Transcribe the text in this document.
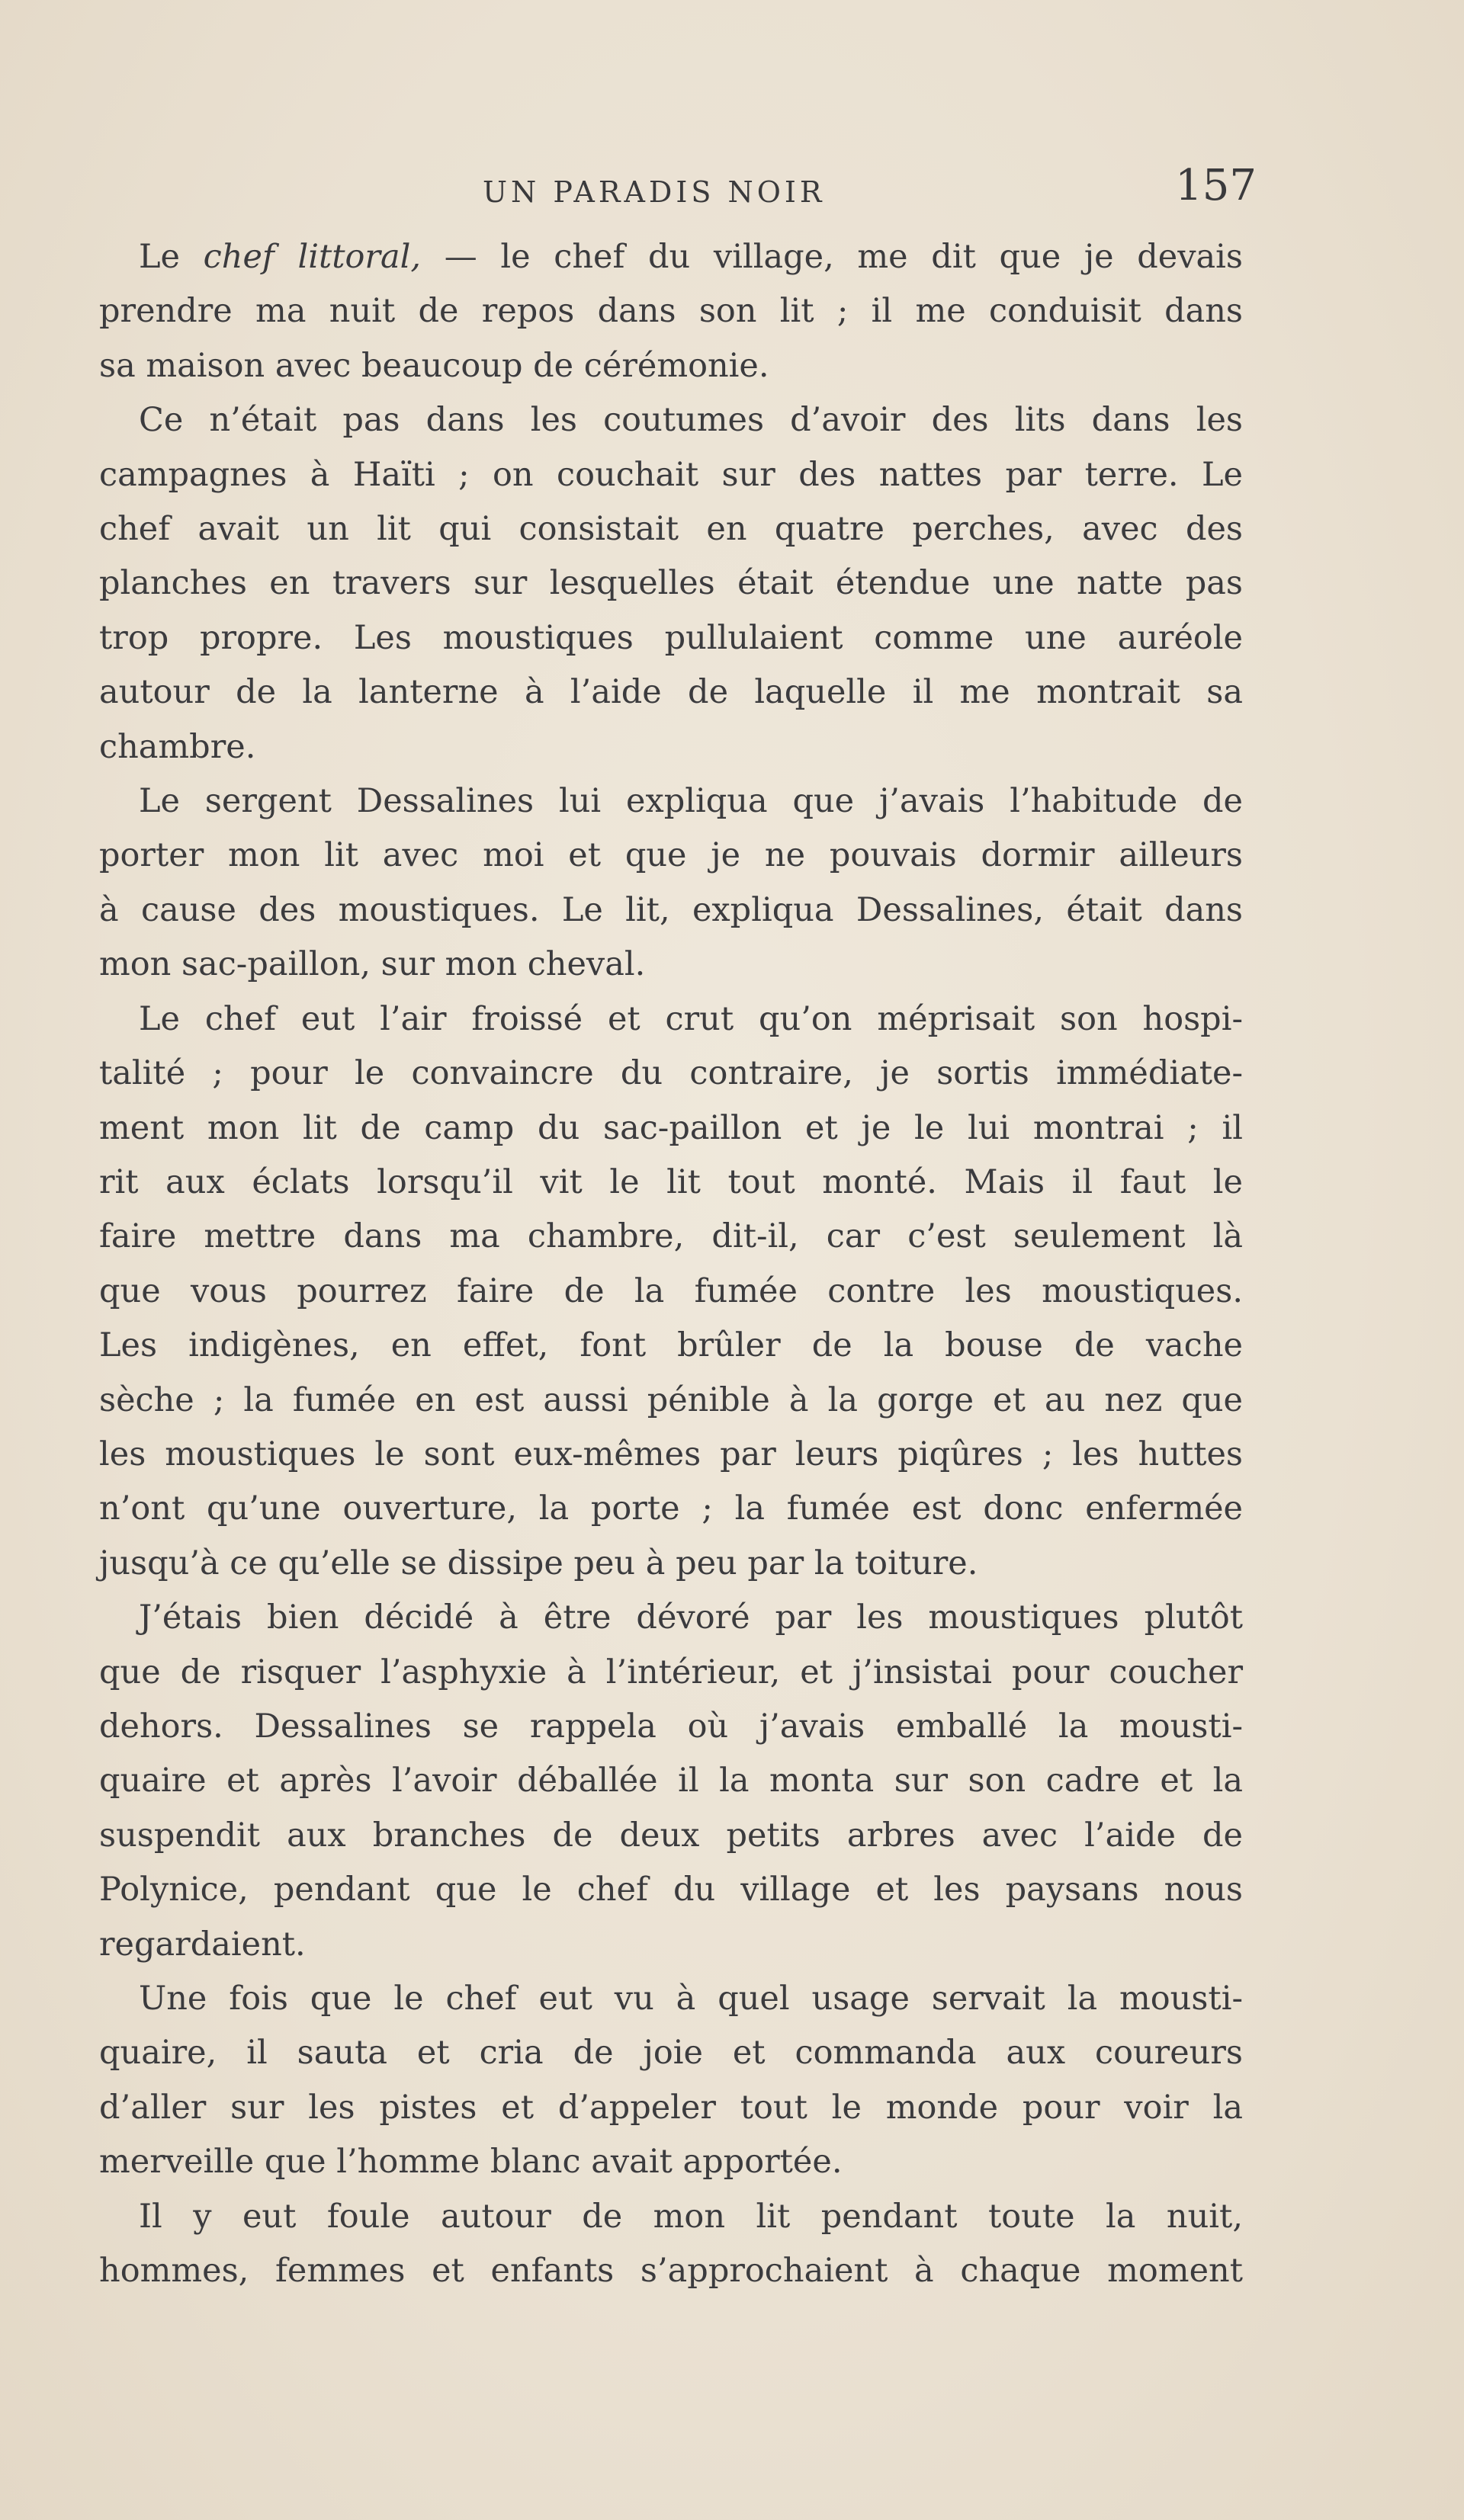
UN PARADIS NOIR	157

Le chef littoral, — le chef du village, me dit que je devais
prendre ma nuit de repos dans son lit ; il me conduisit dans
sa maison avec beaucoup de cérémonie.

Ce n’était pas dans les coutumes d’avoir des lits dans les
campagnes à Haïti ; on couchait sur des nattes par terre. Le
chef avait un lit qui consistait en quatre perches, avec des
planches en travers sur lesquelles était étendue une natte pas
trop propre. Les moustiques pullulaient comme une auréole
autour de la lanterne à l’aide de laquelle il me montrait sa
chambre.

Le sergent Dessalines lui expliqua que j’avais l’habitude de
porter mon lit avec moi et que je ne pouvais dormir ailleurs
à cause des moustiques. Le lit, expliqua Dessalines, était dans
mon sac-paillon, sur mon cheval.

Le chef eut l’air froissé et crut qu’on méprisait son hospi-
talité ; pour le convaincre du contraire, je sortis immédiate-
ment mon lit de camp du sac-paillon et je le lui montrai ; il
rit aux éclats lorsqu’il vit le lit tout monté. Mais il faut le
faire mettre dans ma chambre, dit-il, car c’est seulement là
que vous pourrez faire de la fumée contre les moustiques.
Les indigènes, en effet, font brûler de la bouse de vache
sèche ; la fumée en est aussi pénible à la gorge et au nez que
les moustiques le sont eux-mêmes par leurs piqûres ; les huttes
n’ont qu’une ouverture, la porte ; la fumée est donc enfermée
jusqu’à ce qu’elle se dissipe peu à peu par la toiture.

J’étais bien décidé à être dévoré par les moustiques plutôt
que de risquer l’asphyxie à l’intérieur, et j’insistai pour coucher
dehors. Dessalines se rappela où j’avais emballé la mousti-
quaire et après l’avoir déballée il la monta sur son cadre et la
suspendit aux branches de deux petits arbres avec l’aide de
Polynice, pendant que le chef du village et les paysans nous
regardaient.

Une fois que le chef eut vu à quel usage servait la mousti-
quaire, il sauta et cria de joie et commanda aux coureurs
d’aller sur les pistes et d’appeler tout le monde pour voir la
merveille que l’homme blanc avait apportée.

Il y eut foule autour de mon lit pendant toute la nuit,
hommes, femmes et enfants s’approchaient à chaque moment
